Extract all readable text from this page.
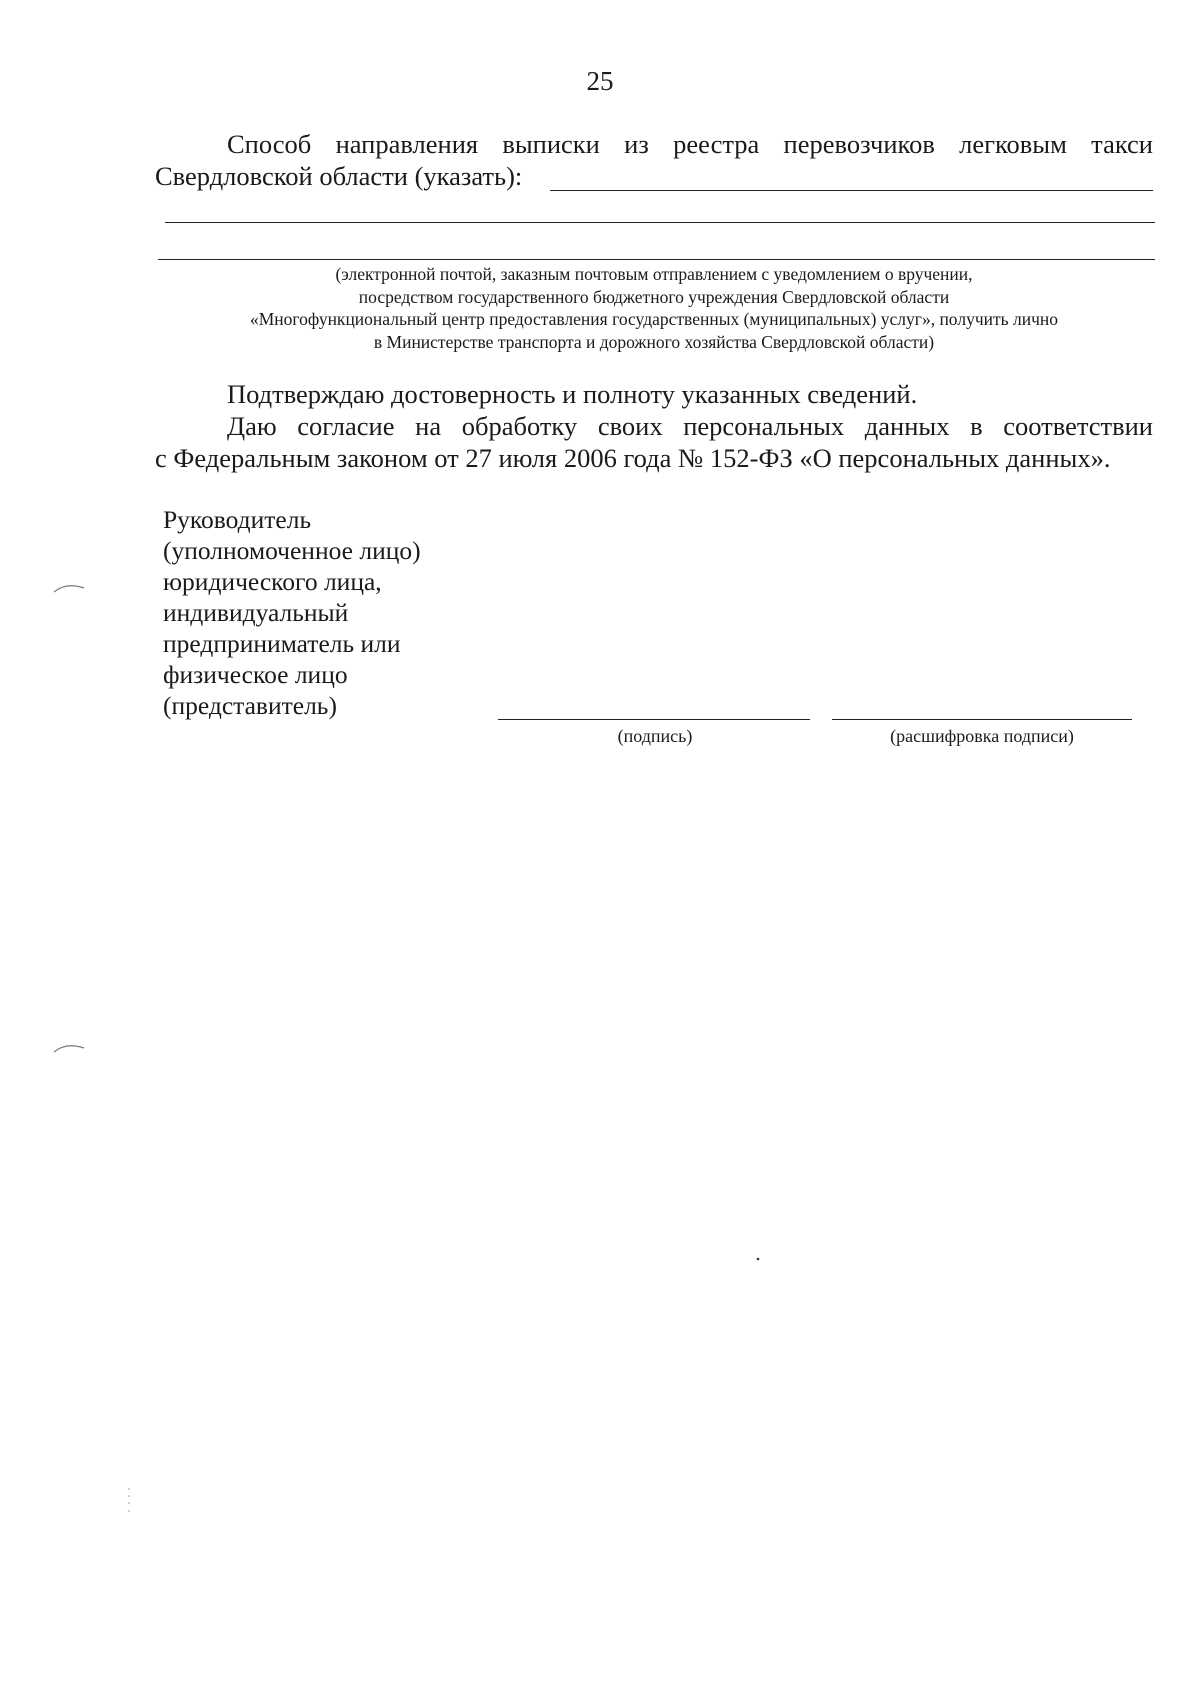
25
Способ направления выписки из реестра перевозчиков легковым такси
Свердловской области (указать):
(электронной почтой, заказным почтовым отправлением с уведомлением о вручении,
посредством государственного бюджетного учреждения Свердловской области
«Многофункциональный центр предоставления государственных (муниципальных) услуг», получить лично
в Министерстве транспорта и дорожного хозяйства Свердловской области)
Подтверждаю достоверность и полноту указанных сведений.
Даю согласие на обработку своих персональных данных в соответствии
с Федеральным законом от 27 июля 2006 года № 152-ФЗ «О персональных данных».
Руководитель
(уполномоченное лицо)
юридического лица,
индивидуальный
предприниматель или
физическое лицо
(представитель)
(подпись)	(расшифровка подписи)
